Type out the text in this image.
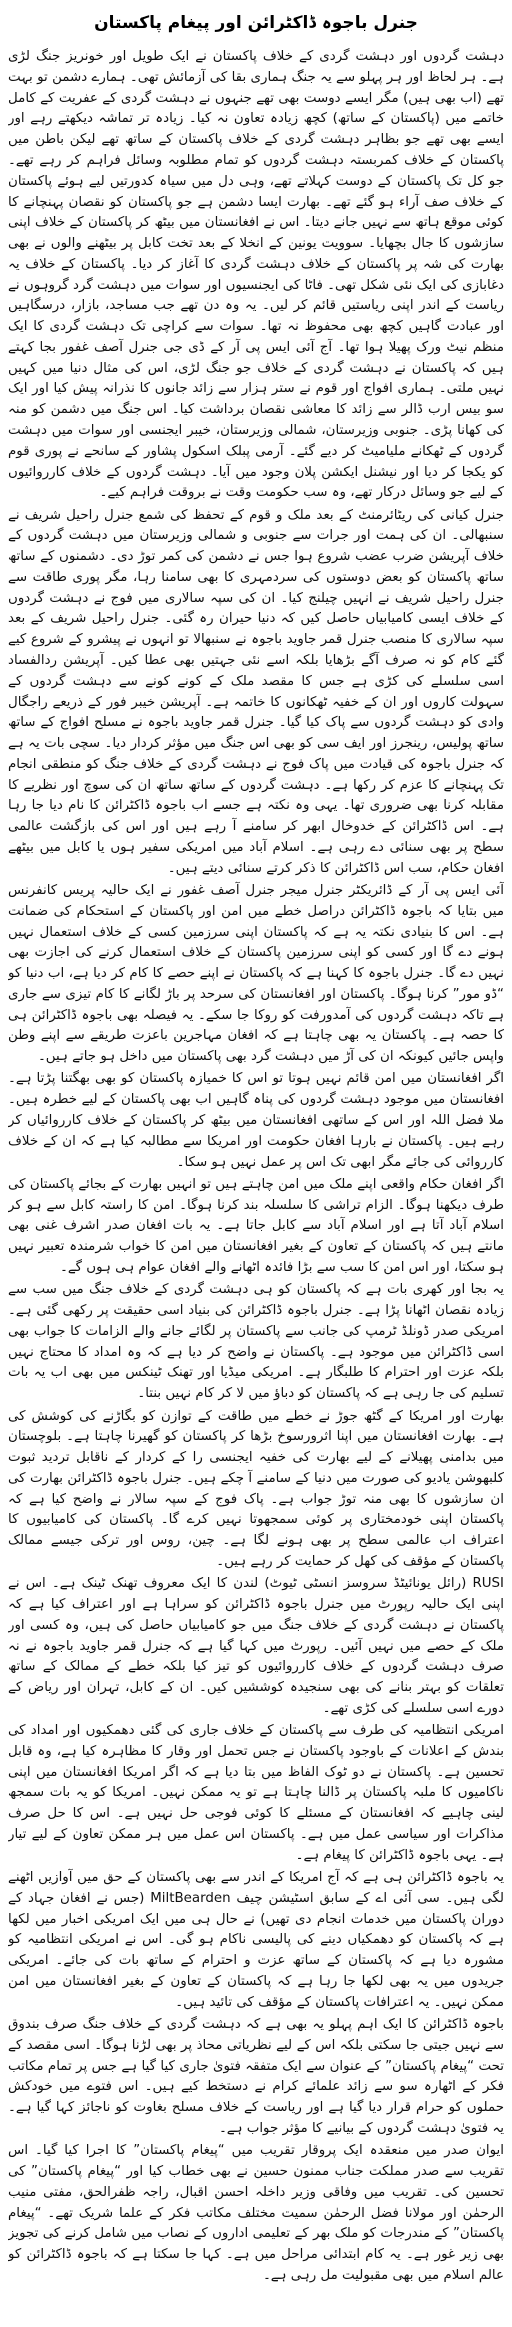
جنرل باجوہ ڈاکٹرائن اور پیغام پاکستان

دہشت گردوں اور دہشت گردی کے خلاف پاکستان نے ایک طویل اور خونریز جنگ لڑی ہے۔ ہر لحاظ اور ہر پہلو سے یہ جنگ ہماری بقا کی آزمائش تھی۔ ہمارے دشمن تو بہت تھے (اب بھی ہیں) مگر ایسے دوست بھی تھے جنہوں نے دہشت گردی کے عفریت کے کامل خاتمے میں (پاکستان کے ساتھ) کچھ زیادہ تعاون نہ کیا۔ زیادہ تر تماشہ دیکھتے رہے اور ایسے بھی تھے جو بظاہر دہشت گردی کے خلاف پاکستان کے ساتھ تھے لیکن باطن میں پاکستان کے خلاف کمربستہ دہشت گردوں کو تمام مطلوبہ وسائل فراہم کر رہے تھے۔ جو کل تک پاکستان کے دوست کہلاتے تھے، وہی دل میں سیاہ کدورتیں لیے ہوئے پاکستان کے خلاف صف آراء ہو گئے تھے۔ بھارت ایسا دشمن ہے جو پاکستان کو نقصان پہنچانے کا کوئی موقع ہاتھ سے نہیں جانے دیتا۔ اس نے افغانستان میں بیٹھ کر پاکستان کے خلاف اپنی سازشوں کا جال بچھایا۔ سوویت یونین کے انخلا کے بعد تخت کابل پر بیٹھنے والوں نے بھی بھارت کی شہ پر پاکستان کے خلاف دہشت گردی کا آغاز کر دیا۔ پاکستان کے خلاف یہ دغابازی کی ایک نئی شکل تھی۔ فاٹا کی ایجنسیوں اور سوات میں دہشت گرد گروہوں نے ریاست کے اندر اپنی ریاستیں قائم کر لیں۔ یہ وہ دن تھے جب مساجد، بازار، درسگاہیں اور عبادت گاہیں کچھ بھی محفوظ نہ تھا۔ سوات سے کراچی تک دہشت گردی کا ایک منظم نیٹ ورک پھیلا ہوا تھا۔ آج آئی ایس پی آر کے ڈی جی جنرل آصف غفور بجا کہتے ہیں کہ پاکستان نے دہشت گردی کے خلاف جو جنگ لڑی، اس کی مثال دنیا میں کہیں نہیں ملتی۔ ہماری افواج اور قوم نے ستر ہزار سے زائد جانوں کا نذرانہ پیش کیا اور ایک سو بیس ارب ڈالر سے زائد کا معاشی نقصان برداشت کیا۔ اس جنگ میں دشمن کو منہ کی کھانا پڑی۔ جنوبی وزیرستان، شمالی وزیرستان، خیبر ایجنسی اور سوات میں دہشت گردوں کے ٹھکانے ملیامیٹ کر دیے گئے۔ آرمی پبلک اسکول پشاور کے سانحے نے پوری قوم کو یکجا کر دیا اور نیشنل ایکشن پلان وجود میں آیا۔ دہشت گردوں کے خلاف کارروائیوں کے لیے جو وسائل درکار تھے، وہ سب حکومت وقت نے بروقت فراہم کیے۔

جنرل کیانی کی ریٹائرمنٹ کے بعد ملک و قوم کے تحفظ کی شمع جنرل راحیل شریف نے سنبھالی۔ ان کی ہمت اور جرات سے جنوبی و شمالی وزیرستان میں دہشت گردوں کے خلاف آپریشن ضرب عضب شروع ہوا جس نے دشمن کی کمر توڑ دی۔ دشمنوں کے ساتھ ساتھ پاکستان کو بعض دوستوں کی سردمہری کا بھی سامنا رہا، مگر پوری طاقت سے جنرل راحیل شریف نے انہیں چیلنج کیا۔ ان کی سپہ سالاری میں فوج نے دہشت گردوں کے خلاف ایسی کامیابیاں حاصل کیں کہ دنیا حیران رہ گئی۔ جنرل راحیل شریف کے بعد سپہ سالاری کا منصب جنرل قمر جاوید باجوہ نے سنبھالا تو انہوں نے پیشرو کے شروع کیے گئے کام کو نہ صرف آگے بڑھایا بلکہ اسے نئی جہتیں بھی عطا کیں۔ آپریشن ردالفساد اسی سلسلے کی کڑی ہے جس کا مقصد ملک کے کونے کونے سے دہشت گردوں کے سہولت کاروں اور ان کے خفیہ ٹھکانوں کا خاتمہ ہے۔ آپریشن خیبر فور کے ذریعے راجگال وادی کو دہشت گردوں سے پاک کیا گیا۔ جنرل قمر جاوید باجوہ نے مسلح افواج کے ساتھ ساتھ پولیس، رینجرز اور ایف سی کو بھی اس جنگ میں مؤثر کردار دیا۔ سچی بات یہ ہے کہ جنرل باجوہ کی قیادت میں پاک فوج نے دہشت گردی کے خلاف جنگ کو منطقی انجام تک پہنچانے کا عزم کر رکھا ہے۔ دہشت گردوں کے ساتھ ساتھ ان کی سوچ اور نظریے کا مقابلہ کرنا بھی ضروری تھا۔ یہی وہ نکتہ ہے جسے اب باجوہ ڈاکٹرائن کا نام دیا جا رہا ہے۔ اس ڈاکٹرائن کے خدوخال ابھر کر سامنے آ رہے ہیں اور اس کی بازگشت عالمی سطح پر بھی سنائی دے رہی ہے۔ اسلام آباد میں امریکی سفیر ہوں یا کابل میں بیٹھے افغان حکام، سب اس ڈاکٹرائن کا ذکر کرتے سنائی دیتے ہیں۔

آئی ایس پی آر کے ڈائریکٹر جنرل میجر جنرل آصف غفور نے ایک حالیہ پریس کانفرنس میں بتایا کہ باجوہ ڈاکٹرائن دراصل خطے میں امن اور پاکستان کے استحکام کی ضمانت ہے۔ اس کا بنیادی نکتہ یہ ہے کہ پاکستان اپنی سرزمین کسی کے خلاف استعمال نہیں ہونے دے گا اور کسی کو اپنی سرزمین پاکستان کے خلاف استعمال کرنے کی اجازت بھی نہیں دے گا۔ جنرل باجوہ کا کہنا ہے کہ پاکستان نے اپنے حصے کا کام کر دیا ہے، اب دنیا کو “ڈو مور” کرنا ہوگا۔ پاکستان اور افغانستان کی سرحد پر باڑ لگانے کا کام تیزی سے جاری ہے تاکہ دہشت گردوں کی آمدورفت کو روکا جا سکے۔ یہ فیصلہ بھی باجوہ ڈاکٹرائن ہی کا حصہ ہے۔ پاکستان یہ بھی چاہتا ہے کہ افغان مہاجرین باعزت طریقے سے اپنے وطن واپس جائیں کیونکہ ان کی آڑ میں دہشت گرد بھی پاکستان میں داخل ہو جاتے ہیں۔

اگر افغانستان میں امن قائم نہیں ہوتا تو اس کا خمیازہ پاکستان کو بھی بھگتنا پڑتا ہے۔ افغانستان میں موجود دہشت گردوں کی پناہ گاہیں اب بھی پاکستان کے لیے خطرہ ہیں۔ ملا فضل اللہ اور اس کے ساتھی افغانستان میں بیٹھ کر پاکستان کے خلاف کارروائیاں کر رہے ہیں۔ پاکستان نے بارہا افغان حکومت اور امریکا سے مطالبہ کیا ہے کہ ان کے خلاف کارروائی کی جائے مگر ابھی تک اس پر عمل نہیں ہو سکا۔

اگر افغان حکام واقعی اپنے ملک میں امن چاہتے ہیں تو انہیں بھارت کے بجائے پاکستان کی طرف دیکھنا ہوگا۔ الزام تراشی کا سلسلہ بند کرنا ہوگا۔ امن کا راستہ کابل سے ہو کر اسلام آباد آتا ہے اور اسلام آباد سے کابل جاتا ہے۔ یہ بات افغان صدر اشرف غنی بھی مانتے ہیں کہ پاکستان کے تعاون کے بغیر افغانستان میں امن کا خواب شرمندہ تعبیر نہیں ہو سکتا، اور اس امن کا سب سے بڑا فائدہ اٹھانے والے افغان عوام ہی ہوں گے۔

یہ بجا اور کھری بات ہے کہ پاکستان کو ہی دہشت گردی کے خلاف جنگ میں سب سے زیادہ نقصان اٹھانا پڑا ہے۔ جنرل باجوہ ڈاکٹرائن کی بنیاد اسی حقیقت پر رکھی گئی ہے۔ امریکی صدر ڈونلڈ ٹرمپ کی جانب سے پاکستان پر لگائے جانے والے الزامات کا جواب بھی اسی ڈاکٹرائن میں موجود ہے۔ پاکستان نے واضح کر دیا ہے کہ وہ امداد کا محتاج نہیں بلکہ عزت اور احترام کا طلبگار ہے۔ امریکی میڈیا اور تھنک ٹینکس میں بھی اب یہ بات تسلیم کی جا رہی ہے کہ پاکستان کو دباؤ میں لا کر کام نہیں بنتا۔

بھارت اور امریکا کے گٹھ جوڑ نے خطے میں طاقت کے توازن کو بگاڑنے کی کوشش کی ہے۔ بھارت افغانستان میں اپنا اثرورسوخ بڑھا کر پاکستان کو گھیرنا چاہتا ہے۔ بلوچستان میں بدامنی پھیلانے کے لیے بھارت کی خفیہ ایجنسی را کے کردار کے ناقابل تردید ثبوت کلبھوشن یادیو کی صورت میں دنیا کے سامنے آ چکے ہیں۔ جنرل باجوہ ڈاکٹرائن بھارت کی ان سازشوں کا بھی منہ توڑ جواب ہے۔ پاک فوج کے سپہ سالار نے واضح کیا ہے کہ پاکستان اپنی خودمختاری پر کوئی سمجھوتا نہیں کرے گا۔ پاکستان کی کامیابیوں کا اعتراف اب عالمی سطح پر بھی ہونے لگا ہے۔ چین، روس اور ترکی جیسے ممالک پاکستان کے مؤقف کی کھل کر حمایت کر رہے ہیں۔

RUSI (رائل یونائیٹڈ سروسز انسٹی ٹیوٹ) لندن کا ایک معروف تھنک ٹینک ہے۔ اس نے اپنی ایک حالیہ رپورٹ میں جنرل باجوہ ڈاکٹرائن کو سراہا ہے اور اعتراف کیا ہے کہ پاکستان نے دہشت گردی کے خلاف جنگ میں جو کامیابیاں حاصل کی ہیں، وہ کسی اور ملک کے حصے میں نہیں آئیں۔ رپورٹ میں کہا گیا ہے کہ جنرل قمر جاوید باجوہ نے نہ صرف دہشت گردوں کے خلاف کارروائیوں کو تیز کیا بلکہ خطے کے ممالک کے ساتھ تعلقات کو بہتر بنانے کی بھی سنجیدہ کوششیں کیں۔ ان کے کابل، تہران اور ریاض کے دورے اسی سلسلے کی کڑی تھے۔

امریکی انتظامیہ کی طرف سے پاکستان کے خلاف جاری کی گئی دھمکیوں اور امداد کی بندش کے اعلانات کے باوجود پاکستان نے جس تحمل اور وقار کا مظاہرہ کیا ہے، وہ قابل تحسین ہے۔ پاکستان نے دو ٹوک الفاظ میں بتا دیا ہے کہ اگر امریکا افغانستان میں اپنی ناکامیوں کا ملبہ پاکستان پر ڈالنا چاہتا ہے تو یہ ممکن نہیں۔ امریکا کو یہ بات سمجھ لینی چاہیے کہ افغانستان کے مسئلے کا کوئی فوجی حل نہیں ہے۔ اس کا حل صرف مذاکرات اور سیاسی عمل میں ہے۔ پاکستان اس عمل میں ہر ممکن تعاون کے لیے تیار ہے۔ یہی باجوہ ڈاکٹرائن کا پیغام ہے۔

یہ باجوہ ڈاکٹرائن ہی ہے کہ آج امریکا کے اندر سے بھی پاکستان کے حق میں آوازیں اٹھنے لگی ہیں۔ سی آئی اے کے سابق اسٹیشن چیف MiltBearden (جس نے افغان جہاد کے دوران پاکستان میں خدمات انجام دی تھیں) نے حال ہی میں ایک امریکی اخبار میں لکھا ہے کہ پاکستان کو دھمکیاں دینے کی پالیسی ناکام ہو گی۔ اس نے امریکی انتظامیہ کو مشورہ دیا ہے کہ پاکستان کے ساتھ عزت و احترام کے ساتھ بات کی جائے۔ امریکی جریدوں میں یہ بھی لکھا جا رہا ہے کہ پاکستان کے تعاون کے بغیر افغانستان میں امن ممکن نہیں۔ یہ اعترافات پاکستان کے مؤقف کی تائید ہیں۔

باجوہ ڈاکٹرائن کا ایک اہم پہلو یہ بھی ہے کہ دہشت گردی کے خلاف جنگ صرف بندوق سے نہیں جیتی جا سکتی بلکہ اس کے لیے نظریاتی محاذ پر بھی لڑنا ہوگا۔ اسی مقصد کے تحت “پیغام پاکستان” کے عنوان سے ایک متفقہ فتویٰ جاری کیا گیا ہے جس پر تمام مکاتب فکر کے اٹھارہ سو سے زائد علمائے کرام نے دستخط کیے ہیں۔ اس فتوے میں خودکش حملوں کو حرام قرار دیا گیا ہے اور ریاست کے خلاف مسلح بغاوت کو ناجائز کہا گیا ہے۔ یہ فتویٰ دہشت گردوں کے بیانیے کا مؤثر جواب ہے۔

ایوان صدر میں منعقدہ ایک پروقار تقریب میں “پیغام پاکستان” کا اجرا کیا گیا۔ اس تقریب سے صدر مملکت جناب ممنون حسین نے بھی خطاب کیا اور “پیغام پاکستان” کی تحسین کی۔ تقریب میں وفاقی وزیر داخلہ احسن اقبال، راجہ ظفرالحق، مفتی منیب الرحمٰن اور مولانا فضل الرحمٰن سمیت مختلف مکاتب فکر کے علما شریک تھے۔ “پیغام پاکستان” کے مندرجات کو ملک بھر کے تعلیمی اداروں کے نصاب میں شامل کرنے کی تجویز بھی زیر غور ہے۔ یہ کام ابتدائی مراحل میں ہے۔ کہا جا سکتا ہے کہ باجوہ ڈاکٹرائن کو عالم اسلام میں بھی مقبولیت مل رہی ہے۔
